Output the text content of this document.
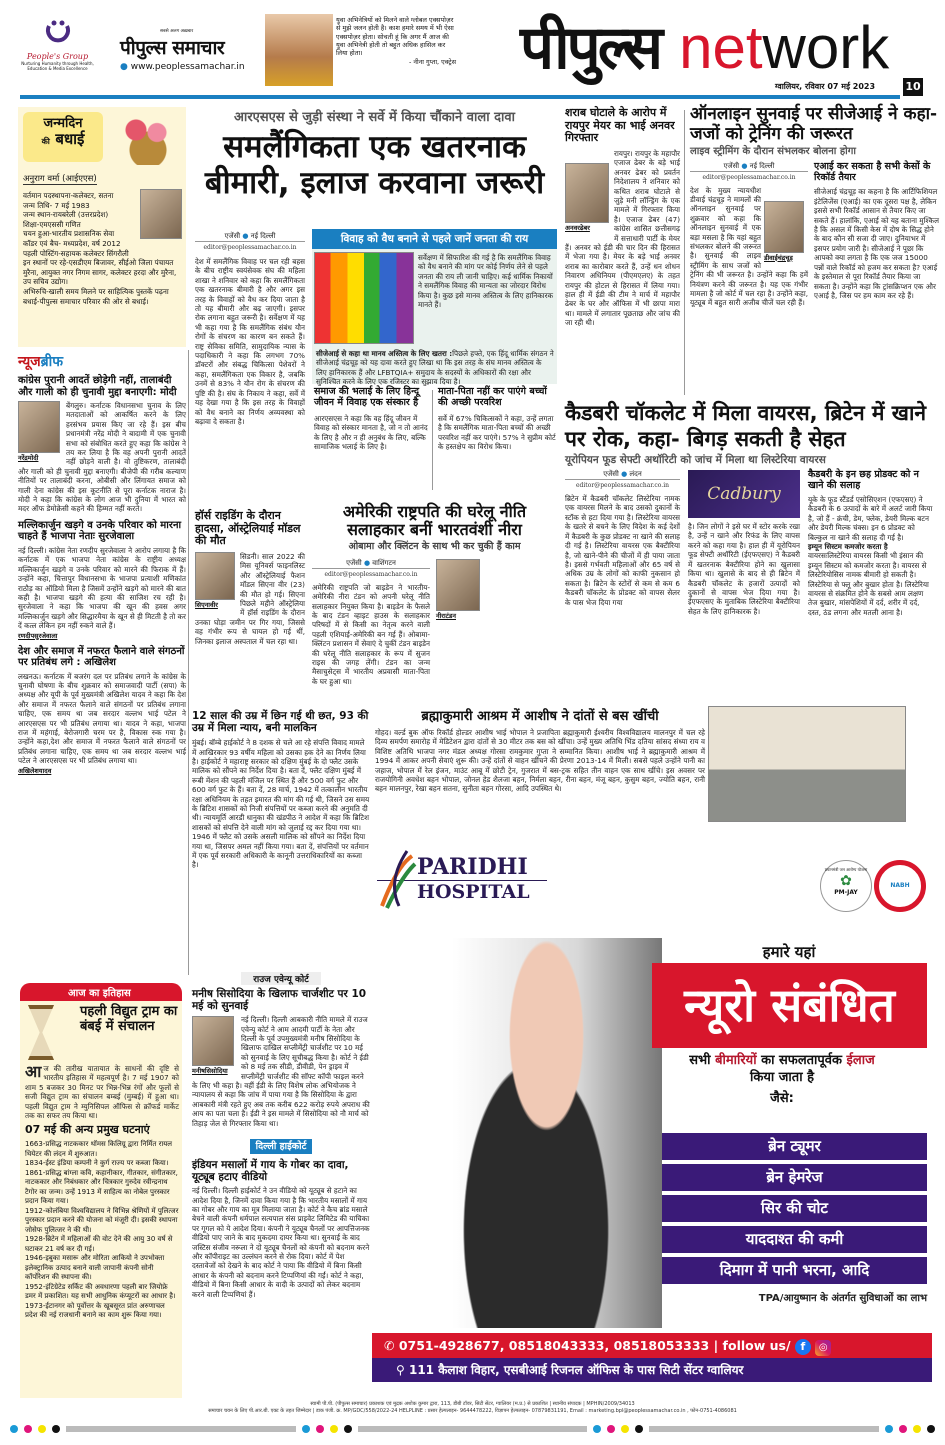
People's Group
Nurturing Humanity through Health, Education & Media Excellence
सबसे अलग अख़बार
पीपुल्स समाचार
● www.peoplessamachar.in
युवा अभिनेत्रियों को मिलने वाले ग्लोबल एक्सपोज़र से मुझे जलन होती है। काश हमारे समय में भी ऐसा एक्सपोज़र होता। सोचती हूं कि अगर मैं आज की युवा अभिनेत्री होती तो बहुत अधिक हासिल कर लिया होता।
- नीना गुप्ता, एक्ट्रेस पीपुल्स network
ग्वालियर, रविवार 07 मई 2023	10
जन्मदिन
की बधाई
अनुराग वर्मा (आईएएस)
वर्तमान पदस्थापना-कलेक्टर, सतना
जन्म तिथि- 7 मई 1983
जन्म स्थान-रायबरेली (उत्तरप्रदेश)
शिक्षा-एमएससी गणित
चयन हुआ-भारतीय प्रशासनिक सेवा
कॉडर एवं बैच- मध्यप्रदेश, वर्ष 2012
पहली पोस्टिंग-सहायक कलेक्टर सिंगरौली
इन स्थानों पर रहे-एसडीएम बिजावर, सीईओ जिला पंचायत मुरैना, आयुक्त नगर निगम सागर, कलेक्टर हरदा और मुरैना, उप सचिव उद्योग।
अभिरुचि-खाली समय मिलने पर साहित्यिक पुस्तकें पढ़ना
बधाई-पीपुल्स समाचार परिवार की ओर से बधाई।
न्यूजब्रीफ
कांग्रेस पुरानी आदतें छोड़ेगी नहीं, तालाबंदी और गाली को ही चुनावी मुद्दा बनाएगी: मोदी
नरेंद्रमोदी
बेंगलुरु। कर्नाटक विधानसभा चुनाव के लिए मतदाताओं को आकर्षित करने के लिए हरसंभव प्रयास किए जा रहे हैं। इस बीच प्रधानमंत्री नरेंद्र मोदी ने बादामी में एक चुनावी सभा को संबोधित करते हुए कहा कि कांग्रेस ने तय कर लिया है कि वह अपनी पुरानी आदतें नहीं छोड़ने वाली है। वो तुष्टिकरण, तालाबंदी और गाली को ही चुनावी मुद्दा बनाएगी। बीजेपी की गरीब कल्याण नीतियों पर तालाबंदी करना, ओबीसी और लिंगायत समाज को गाली देना कांग्रेस की इस कूटनीति से पूरा कर्नाटक नाराज है। मोदी ने कहा कि कांग्रेस के लोग आज भी दुनिया में भारत को मदर ऑफ डेमोक्रेसी कहने की हिम्मत नहीं करते।
मल्लिकार्जुन खड़गे व उनके परिवार को मारना चाहते हैं भाजपा नेताः सुरजेवाला
नई दिल्ली। कांग्रेस नेता रणदीप सुरजेवाला ने आरोप लगाया है कि कर्नाटक में एक भाजपा नेता कांग्रेस के राष्ट्रीय अध्यक्ष मल्लिकार्जुन खड़गे व उनके परिवार को मारने की फिराक में हैं। उन्होंने कहा, चित्तापुर विधानसभा के भाजपा प्रत्याशी मणिकांत राठौड़ का ऑडियो मिला है जिसमें उन्होंने खड़गे को मारने की बात कही है। भाजपा खड़गे की हत्या की साजिश रच रही है। सुरजेवाला ने कहा कि भाजपा की खून की हवस अगर मल्लिकार्जुन खड़गे और सिद्धारमैया के खून से ही मिटती है तो कर दें कत्ल लेकिन हम नहीं रुकने वाले हैं।
रणदीपसुरजेवाला
देश और समाज में नफरत फैलाने वाले संगठनों पर प्रतिबंध लगे : अखिलेश
लखनऊ। कर्नाटक में बजरंग दल पर प्रतिबंध लगाने के कांग्रेस के चुनावी घोषणा के बीच शुक्रवार को समाजवादी पार्टी (सपा) के अध्यक्ष और यूपी के पूर्व मुख्यमंत्री अखिलेश यादव ने कहा कि देश और समाज में नफरत फैलाने वाले संगठनों पर प्रतिबंध लगाना चाहिए, एक समय था जब सरदार वल्लभ भाई पटेल ने आरएसएस पर भी प्रतिबंध लगाया था। यादव ने कहा, भाजपा राज में महंगाई, बेरोजगारी चरम पर है, विकास रुक गया है। उन्होंने कहा,देश और समाज में नफरत फैलाने वाले संगठनों पर प्रतिबंध लगाना चाहिए, एक समय था जब सरदार वल्लभ भाई पटेल ने आरएसएस पर भी प्रतिबंध लगाया था।
अखिलेशयादव
आज का इतिहास
पहली विद्युत ट्राम का बंबई में संचालन
आज की तारीख यातायात के साधनों की दृष्टि से भारतीय इतिहास में महत्वपूर्ण है। 7 मई 1907 को शाम 5 बजकर 30 मिनट पर भिन्न-भिन्न रंगों और फूलों से सजी विद्युत ट्राम का संचालन बम्बई (मुम्बई) में हुआ था। पहली विद्युत ट्राम ने म्युनिसिपल ऑफिस से क्रॉफर्ड मार्केट तक का सफर तय किया था।
07 मई की अन्य प्रमुख घटनाएं
1663-प्रसिद्ध नाटककार थॉमस किलिग्रू द्वारा निर्मित रायल थियेटर की लंदन में शुरुआत।
1834-ईस्ट इंडिया कम्पनी ने कुर्ग राज्य पर कब्जा किया।
1861-प्रसिद्ध बांग्ला कवि, कहानीकार, गीतकार, संगीतकार, नाटककार और निबंधकार और चित्रकार गुरुदेव रवीन्द्रनाथ टैगोर का जन्म। उन्हें 1913 में साहित्य का नोबेल पुरस्कार प्रदान किया गया।
1912-कोलंबिया विश्वविद्यालय ने विभिन्न श्रेणियों में पुलित्जर पुरस्कार प्रदान करने की योजना को मंजूरी दी। इसकी स्थापना जोसेफ पुलित्जर ने की थी।
1928-ब्रिटेन में महिलाओं की वोट देने की आयु 30 वर्ष से घटाकर 21 वर्ष कर दी गई।
1946-इबुका मसारू और मोरिता आकियो ने उपभोक्ता इलेक्ट्रानिक उत्पाद बनाने वाली जापानी कंपनी सोनी कॉर्पोरेशन की स्थापना की।
1952-इंटिग्रेटेड सर्किट की अवधारणा पहली बार जियोफ्रे डमर में प्रकाशित। यह सभी आधुनिक कंप्यूटरों का आधार है।
1973-ईटानगर को पूर्वोत्तर के खूबसूरत प्रांत अरुणाचल प्रदेश की नई राजधानी बनाने का काम शुरू किया गया।
आरएसएस से जुड़ी संस्था ने सर्वे में किया चौंकाने वाला दावा
समलैंगिकता एक खतरनाक बीमारी, इलाज करवाना जरूरी
एजेंसी ● नई दिल्ली
editor@peoplessamachar.co.in
देश में समलैंगिक विवाह पर चल रही बहस के बीच राष्ट्रीय स्वयंसेवक संघ की महिला शाखा ने शनिवार को कहा कि समलैंगिकता एक खतरनाक बीमारी है और अगर इस तरह के विवाहों को वैध कर दिया जाता है तो यह बीमारी और बढ़ जाएगी। इसपर रोक लगाना बहुत जरूरी है। सर्वेक्षण में यह भी कहा गया है कि समलैंगिक संबंध यौन रोगों के संचरण का कारण बन सकते हैं। राष्ट्र सेविका समिति, सामुदायिक न्यास के पदाधिकारी ने कहा कि लगभग 70% डॉक्टरों और संबद्ध चिकित्सा पेशेवरों ने कहा, समलैंगिकता एक विकार है, जबकि उनमें से 83% ने यौन रोग के संचरण की पुष्टि की है। संघ के निकाय ने कहा, सर्वे में यह देखा गया है कि इस तरह के विवाहों को वैध बनाने का निर्णय अव्यवस्था को बढ़ावा दे सकता है।
हॉर्स राइडिंग के दौरान हादसा, ऑस्ट्रेलियाई मॉडल की मौत
सिएनावीर
सिडनी। साल 2022 की मिस यूनिवर्स फाइनलिस्ट और ऑस्ट्रेलियाई फैशन मॉडल सिएना वीर (23) की मौत हो गई। सिएना पिछले महीने ऑस्ट्रेलिया में हॉर्स राइडिंग के दौरान उनका घोड़ा जमीन पर गिर गया, जिससे वह गंभीर रूप से घायल हो गई थीं, जिनका इलाज अस्पताल में चल रहा था।
विवाह को वैध बनाने से पहले जानें जनता की राय
सर्वेक्षण में सिफारिश की गई है कि समलैंगिक विवाह को वैध बनाने की मांग पर कोई निर्णय लेने से पहले जनता की राय ली जानी चाहिए। कई धार्मिक निकायों ने समलैंगिक विवाह की मान्यता का जोरदार विरोध किया है। कुछ इसे मानव अस्तित्व के लिए हानिकारक मानते हैं।
सीजेआई से कहा था मानव अस्तित्व के लिए खतरा :पिछले हफ्ते, एक हिंदू धार्मिक संगठन ने सीजेआई चंद्रचूड़ को यह दावा करते हुए लिखा था कि इस तरह के संघ मानव अस्तित्व के लिए हानिकारक हैं और LFBTQIA+ समुदाय के सदस्यों के अधिकारों की रक्षा और सुनिश्चित करने के लिए एक रजिस्टर का सुझाव दिया है।
समाज की भलाई के लिए हिन्दू जीवन में विवाह एक संस्कार है
आरएसएस ने कहा कि वह हिंदू जीवन में विवाह को संस्कार मानता है, जो न तो आनंद के लिए है और न ही अनुबंध के लिए, बल्कि सामाजिक भलाई के लिए है।
माता-पिता नहीं कर पाएंगे बच्चों की अच्छी परवरिश
सर्वे में 67% चिकित्सकों ने कहा, उन्हें लगता है कि समलैंगिक माता-पिता बच्चों की अच्छी परवरिश नहीं कर पाएंगे। 57% ने सुप्रीम कोर्ट के हस्तक्षेप का विरोध किया।
अमेरिकी राष्ट्रपति की घरेलू नीति सलाहकार बनीं भारतवंशी नीरा
ओबामा और क्लिंटन के साथ भी कर चुकी हैं काम
एजेंसी ● वाशिंगटन
editor@peoplessamachar.co.in
अमेरिकी राष्ट्रपति जो बाइडेन ने भारतीय-अमेरिकी नीरा टंडन को अपनी घरेलू नीति सलाहकार नियुक्त किया है। बाइडेन के फैसले के बाद टंडन व्हाइट हाउस के सलाहकार परिषदों में से किसी का नेतृत्व करने वाली पहली एशियाई-अमेरिकी बन गई हैं। ओबामा-क्लिंटन प्रशासन में सेवाएं दे चुकीं टंडन बाइडेन की घरेलू नीति सलाहकार के रूप में सुजन राइस की जगह लेंगी। टंडन का जन्म मैसाचुसेट्स में भारतीय अप्रवासी माता-पिता के घर हुआ था।
नीराटंडन
12 साल की उम्र में छिन गई थी छत, 93 की उम्र में मिला न्याय, बनी मालकिन
मुंबई। बॉम्बे हाईकोर्ट ने 8 दशक से चले आ रहे संपत्ति विवाद मामले में आखिरकार 93 वर्षीय महिला को उसका हक देने का निर्णय लिया है। हाईकोर्ट ने महाराष्ट्र सरकार को दक्षिण मुंबई के दो फ्लैट उसके मालिक को सौंपने का निर्देश दिया है। बता दें, फ्लैट दक्षिण मुंबई में रूबी मेंशन की पहली मंजिल पर स्थित हैं और 500 वर्ग फुट और 600 वर्ग फुट के हैं। बता दें, 28 मार्च, 1942 में तत्कालीन भारतीय रक्षा अधिनियम के तहत इमारत की मांग की गई थी, जिसने उस समय के ब्रिटिश शासकों को निजी संपत्तियों पर कब्जा करने की अनुमति दी थी। न्यायमूर्ति आरडी धानुका की खंडपीठ ने आदेश में कहा कि ब्रिटिश शासकों को संपत्ति देने वाली मांग को जुलाई रद्द कर दिया गया था। 1946 में फ्लैट को उसके असली मालिक को सौंपने का निर्देश दिया गया था, जिसपर अमल नहीं किया गया। बता दें, संपत्तियों पर वर्तमान में एक पूर्व सरकारी अधिकारी के कानूनी उत्तराधिकारियों का कब्जा है।
राउज एवेन्यू कोर्ट
मनीष सिसोदिया के खिलाफ चार्जशीट पर 10 मई को सुनवाई
मनीषसिसोदिया
नई दिल्ली। दिल्ली आबकारी नीति मामले में राउज एवेन्यू कोर्ट ने आम आदमी पार्टी के नेता और दिल्ली के पूर्व उपमुख्यमंत्री मनीष सिसोदिया के खिलाफ दाखिल सप्लीमेंट्री चार्जशीट पर 10 मई को सुनवाई के लिए सूचीबद्ध किया है। कोर्ट ने ईडी को 8 मई तक सीडी, डीवीडी, पेन ड्राइव में सप्लीमेंट्री चार्जशीट की सॉफ्ट कॉपी फाइल करने के लिए भी कहा है। वहीं ईडी के लिए विशेष लोक अभियोजक ने न्यायालय से कहा कि जांच में पाया गया है कि सिसोदिया के द्वारा आबकारी मंत्री रहते हुए अब तक करीब 622 करोड़ रुपये अपराध की आय का पता चला है। ईडी ने इस मामले में सिसोदिया को नौ मार्च को तिहाड़ जेल से गिरफ्तार किया था।
दिल्ली हाईकोर्ट
इंडियन मसालों में गाय के गोबर का दावा, यूट्यूब हटाए वीडियो
नई दिल्ली। दिल्ली हाईकोर्ट ने उन वीडियो को यूट्यूब से हटाने का आदेश दिया है, जिनमें दावा किया गया है कि भारतीय मसालों में गाय का गोबर और गाय का मूत्र मिलाया जाता है। कोर्ट ने कैच ब्रांड मसाले बेचने वाली कंपनी धर्मपाल सत्यपाल संस प्राइवेट लिमिटेड की याचिका पर गूगल को ये आदेश दिया। कंपनी ने यूट्यूब चैनलों पर आपत्तिजनक वीडियो पाए जाने के बाद मुकदमा दायर किया था। सुनवाई के बाद जस्टिस संजीव नरूला ने दो यूट्यूब चैनलों को कंपनी को बदनाम करने और कॉपीराइट का उल्लंघन करने से रोक दिया। कोर्ट में पेश दस्तावेजों को देखने के बाद कोर्ट ने पाया कि वीडियो में बिना किसी आधार के कंपनी को बदनाम करने टिप्पणियां की गईं। कोर्ट ने कहा, वीडियो में बिना किसी आधार के वादी के उत्पादों को लेकर बदनाम करने वाली टिप्पणियां हैं।
शराब घोटाले के आरोप में रायपुर मेयर का भाई अनवर गिरफ्तार
अनवरढेबर
रायपुर। रायपुर के महापौर एजाज ढेबर के बड़े भाई अनवर ढेबर को प्रवर्तन निदेशालय ने शनिवार को कथित शराब घोटाले से जुड़े मनी लॉन्ड्रिंग के एक मामले में गिरफ्तार किया है। एजाज ढेबर (47) कांग्रेस शासित छत्तीसगढ़ में सत्ताधारी पार्टी के मेयर हैं। अनवर को ईडी की चार दिन की हिरासत में भेजा गया है। मेयर के बड़े भाई अनवर शराब का कारोबार करते हैं, उन्हें धन शोधन निवारण अधिनियम (पीएमएलए) के तहत रायपुर की होटल से हिरासत में लिया गया। हाल ही में ईडी की टीम ने मार्च में महापौर ढेबर के घर और ऑफिस में भी छापा मारा था। मामले में लगातार पूछताछ और जांच की जा रही थी।
ऑनलाइन सुनवाई पर सीजेआई ने कहा- जजों को ट्रेनिंग की जरूरत
लाइव स्ट्रीमिंग के दौरान संभलकर बोलना होगा
एजेंसी ● नई दिल्ली
editor@peoplessamachar.co.in
डीवाईचंद्रचूड़
देश के मुख्य न्यायधीश डीवाई चंद्रचूड़ ने मामलों की ऑनलाइन सुनवाई पर शुक्रवार को कहा कि ऑनलाइन सुनवाई में एक बड़ा मसला है कि यहां बहुत संभलकर बोलने की जरूरत है। सुनवाई की लाइव स्ट्रीमिंग के साथ जजों को ट्रेनिंग की भी जरूरत है। उन्होंने कहा कि हमें नियंत्रण करने की जरूरत है। यह एक गंभीर मामला है जो कोर्ट में चल रहा है। उन्होंने कहा, यूट्यूब में बहुत सारी अजीब चीजें चल रही हैं।
एआई कर सकता है सभी केसों के रिकॉर्ड तैयार
सीजेआई चंद्रचूड़ का कहना है कि आर्टिफिशियल इंटेलिजेंस (एआई) का एक दूसरा पक्ष है, लेकिन इससे सभी रिकॉर्ड आसान से तैयार किए जा सकते हैं। हालांकि, एआई को यह बताना मुश्किल है कि असल में किसी केस में दोष के सिद्ध होने के बाद कौन सी सजा दी जाए। दुनियाभर में इसपर प्रयोग जारी है। सीजेआई ने पूछा कि आपको क्या लगता है कि एक जज 15000 पन्नों वाले रिकॉर्ड को हजम कर सकता है? एआई के इस्तेमाल से पूरा रिकॉर्ड तैयार किया जा सकता है। उन्होंने कहा कि ट्रांसक्रिप्शन एक और एआई है, जिस पर हम काम कर रहे हैं।
कैडबरी चॉकलेट में मिला वायरस, ब्रिटेन में खाने पर रोक, कहा- बिगड़ सकती है सेहत
यूरोपियन फूड सेफ्टी अथॉरिटी को जांच में मिला था लिस्टेरिया वायरस
एजेंसी ● लंदन
editor@peoplessamachar.co.in
ब्रिटेन में कैडबरी चॉकलेट लिस्टेरिया नामक एक वायरस मिलने के बाद उसको दुकानों के स्टॉक से हटा दिया गया है। लिस्टेरिया वायरस के खतरे से बचने के लिए विदेश के कई देशों में कैडबरी के कुछ प्रोडक्ट ना खाने की सलाह दी गई है। लिस्टेरिया वायरस एक बैक्टीरिया है, जो खाने-पीने की चीजों में ही पाया जाता है। इससे गर्भवती महिलाओं और 65 वर्ष से अधिक उम्र के लोगों को काफी नुकसान हो सकता है। ब्रिटेन के स्टोरों से कम से कम 6 कैडबरी चॉकलेट के प्रोडक्ट को वापस सेलर के पास भेज दिया गया
Cadbury
है। जिन लोगों ने इसे घर में स्टोर करके रखा है, उन्हें न खाने और रिफंड के लिए वापस करने को कहा गया है। हाल ही में यूरोपियन फूड सेफ्टी अथॉरिटी (ईएफएसए) ने कैडबरी में खतरनाक बैक्टीरिया होने का खुलासा किया था। खुलासे के बाद से ही ब्रिटेन में कैडबरी चॉकलेट के हजारों उत्पादों को दुकानों से वापस भेज दिया गया है। ईएफएसए के मुताबिक लिस्टेरिया बैक्टीरिया सेहत के लिए हानिकारक है।
कैडबरी के इन छह प्रोडक्ट को न खाने की सलाह
यूके के फूड स्टैंडर्ड एसोसिएशन (एफएसए) ने कैडबरी के 6 उत्पादों के बारे में अलर्ट जारी किया है, जो हैं - क्रंची, डेम, फ्लेक, डेयरी मिल्क बटन और डेयरी मिल्क चंक्स। इन 6 प्रोडक्ट को बिल्कुल ना खाने की सलाह दी गई है।
इम्यून सिस्टम कमजोर करता है
वायरसःलिस्टेरिया वायरस किसी भी इंसान की इम्यून सिस्टम को कमजोर करता है। वायरस से लिस्टेरियोसिस नामक बीमारी हो सकती है। लिस्टेरिया से फ्लू और बुखार होता है। लिस्टेरिया वायरस से संक्रमित होने के सबसे आम लक्षण तेज बुखार, मांसपेशियों में दर्द, शरीर में दर्द, दस्त, ठंड लगना और मतली आना है।
ब्रह्माकुमारी आश्रम में आशीष ने दांतों से बस खींची
गोहद। वर्ल्ड बुक ऑफ रिकॉर्ड होल्डर आशीष भाई भोपाल ने प्रजापिता ब्रह्माकुमारी ईश्वरीय विश्वविद्यालय मालनपुर में चल रहे दिव्य समर्पण समारोह में मेडिटेशन द्वारा दांतों से 30 मीटर तक बस को खींचा। उन्हें मुख्य अतिथि भिंड दतिया सांसद संध्या राय व विशिष्ट अतिथि भाजपा नगर मंडल अध्यक्ष गोरसा रामकुमार गुप्ता ने सम्मानित किया। आशीष भाई ने ब्रह्माकुमारी आश्रम में 1994 में आकर अपनी सेवाएं शुरू की। उन्हें दांतों से वाहन खींचने की प्रेरणा 2013-14 में मिली। सबसे पहले उन्होंने पानी का जहाज, भोपाल में रेल इंजन, माउंट आबू में छोटी ट्रेन, गुजरात में बस-ट्रक सहित तीन वाहन एक साथ खींचे। इस अवसर पर राजयोगिनी अवधेश बहन भोपाल, जोनल हेड शैलजा बहन, निर्मला बहन, रीना बहन, मंजू बहन, कुसुम बहन, ज्योति बहन, रानी बहन मालनपुर, रेखा बहन सतना, सुनीता बहन गोरसा, आदि उपस्थित थे।
PARIDHI
HOSPITAL
प्रधानमंत्री जन आरोग्य योजना
✿
PM-JAY
NABH
हमारे यहां
न्यूरो संबंधित
सभी बीमारियों का सफलतापूर्वक ईलाज
किया जाता है
जैसे:
ब्रेन ट्यूमर
ब्रेन हेमरेज
सिर की चोट
याददाश्त की कमी
दिमाग में पानी भरना, आदि
TPA/आयुष्मान के अंतर्गत सुविधाओं का लाभ
✆ 0751-4928677, 08518043333, 08518053333 | follow us/ f ◎
⚲ 111 कैलाश विहार, एसबीआई रिजनल ऑफिस के पास सिटी सेंटर ग्वालियर
स्वामी पी.पी. (पीपुल्स समाचार) प्रकाशक एवं मुद्रक अशोक कुमार द्वारा, 113, डीबी टॉवर, सिटी सेंटर, ग्वालियर (म.प्र.) से प्रकाशित | स्थानीय संपादक | MPHIN/2009/34013
समाचार चयन के लिए पी.आर.बी. एक्ट के तहत जिम्मेदार | डाक पंजी. क्र. MP/GDC/558/2022-24 HELPLINE : प्रसार हेल्पलाइन- 9644478222, विज्ञापन हेल्पलाइन- 07879831191, Email : marketing.bpl@peoplessamachar.co.in , फोन-0751-4086081
